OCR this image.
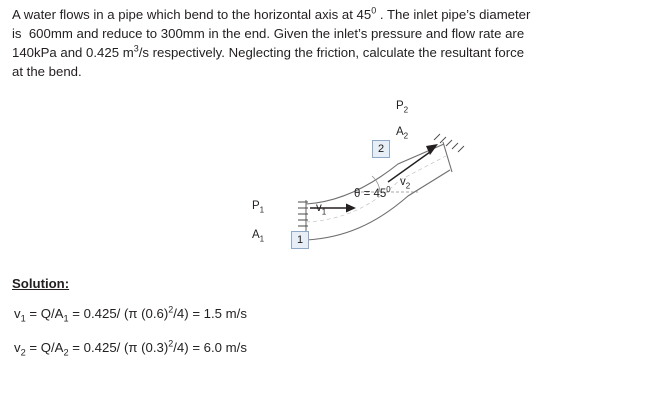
A water flows in a pipe which bend to the horizontal axis at $45^0$ . The inlet pipe’s diameter
is  600mm and reduce to 300mm in the end. Given the inlet’s pressure and flow rate are
140kPa and 0.425 $m^3/s$ respectively. Neglecting the friction, calculate the resultant force
at the bend.
$P_2$
$A_2$
$v_2$
$P_1$
$A_1$
$v_1$
$\theta = 45^0$
2
1
Solution:
$v_1 = Q/A_1 = 0.425/$ (π $(0.6)^2/4) = 1.5$ m/s
$v_2 = Q/A_2 = 0.425/$ (π $(0.3)^2/4) = 6.0$ m/s
